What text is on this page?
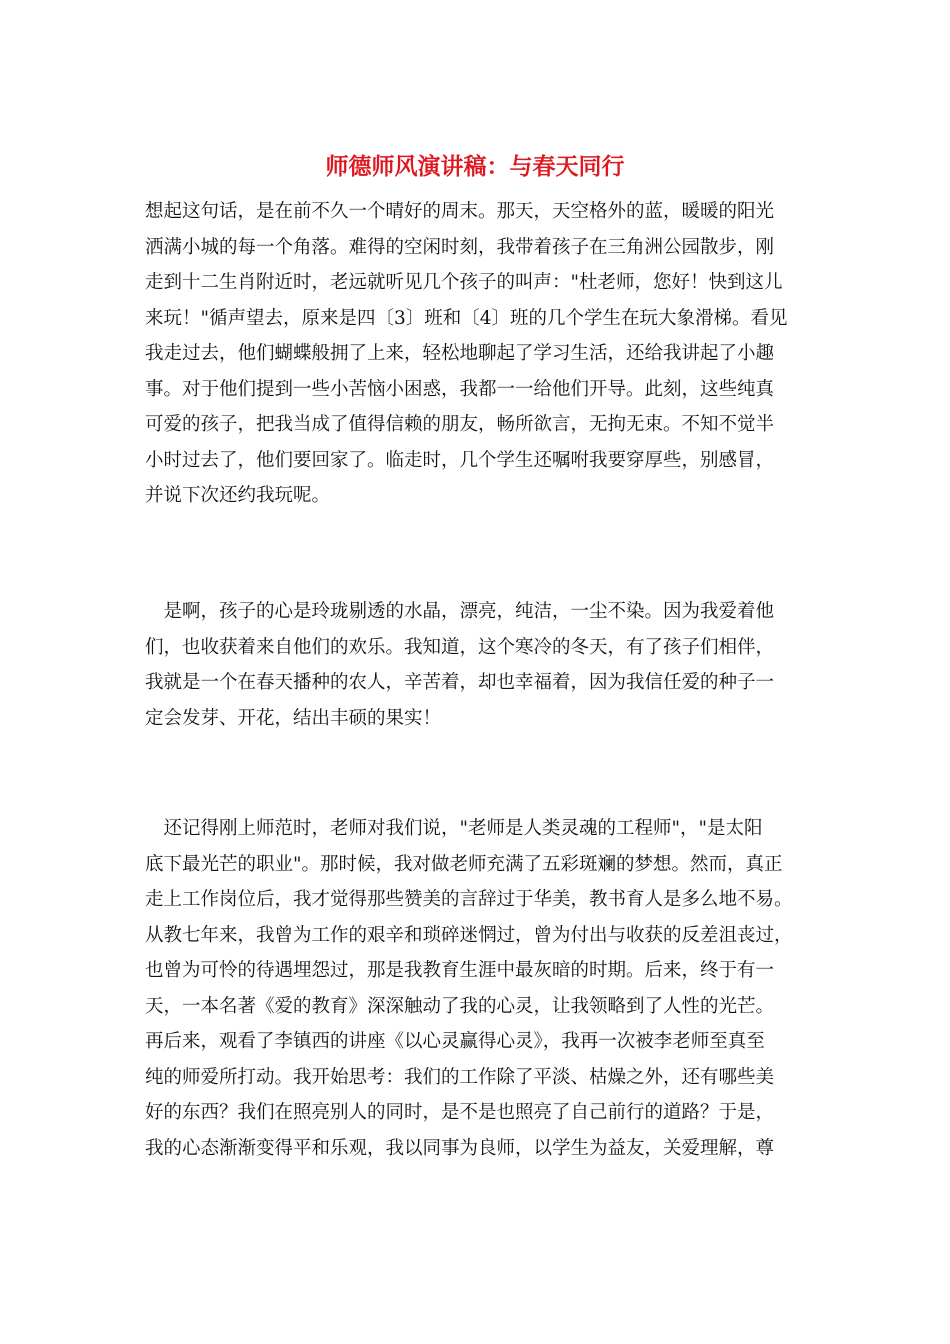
师德师风演讲稿：与春天同行

想起这句话，是在前不久一个晴好的周末。那天，天空格外的蓝，暖暖的阳光
洒满小城的每一个角落。难得的空闲时刻，我带着孩子在三角洲公园散步，刚
走到十二生肖附近时，老远就听见几个孩子的叫声："杜老师，您好！快到这儿
来玩！"循声望去，原来是四〔3〕班和〔4〕班的几个学生在玩大象滑梯。看见
我走过去，他们蝴蝶般拥了上来，轻松地聊起了学习生活，还给我讲起了小趣
事。对于他们提到一些小苦恼小困惑，我都一一给他们开导。此刻，这些纯真
可爱的孩子，把我当成了值得信赖的朋友，畅所欲言，无拘无束。不知不觉半
小时过去了，他们要回家了。临走时，几个学生还嘱咐我要穿厚些，别感冒，
并说下次还约我玩呢。

　是啊，孩子的心是玲珑剔透的水晶，漂亮，纯洁，一尘不染。因为我爱着他
们，也收获着来自他们的欢乐。我知道，这个寒冷的冬天，有了孩子们相伴，
我就是一个在春天播种的农人，辛苦着，却也幸福着，因为我信任爱的种子一
定会发芽、开花，结出丰硕的果实！

　还记得刚上师范时，老师对我们说，"老师是人类灵魂的工程师"，"是太阳
底下最光芒的职业"。那时候，我对做老师充满了五彩斑斓的梦想。然而，真正
走上工作岗位后，我才觉得那些赞美的言辞过于华美，教书育人是多么地不易。
从教七年来，我曾为工作的艰辛和琐碎迷惘过，曾为付出与收获的反差沮丧过，
也曾为可怜的待遇埋怨过，那是我教育生涯中最灰暗的时期。后来，终于有一
天，一本名著《爱的教育》深深触动了我的心灵，让我领略到了人性的光芒。
再后来，观看了李镇西的讲座《以心灵赢得心灵》，我再一次被李老师至真至
纯的师爱所打动。我开始思考：我们的工作除了平淡、枯燥之外，还有哪些美
好的东西？我们在照亮别人的同时，是不是也照亮了自己前行的道路？于是，
我的心态渐渐变得平和乐观，我以同事为良师，以学生为益友，关爱理解，尊
